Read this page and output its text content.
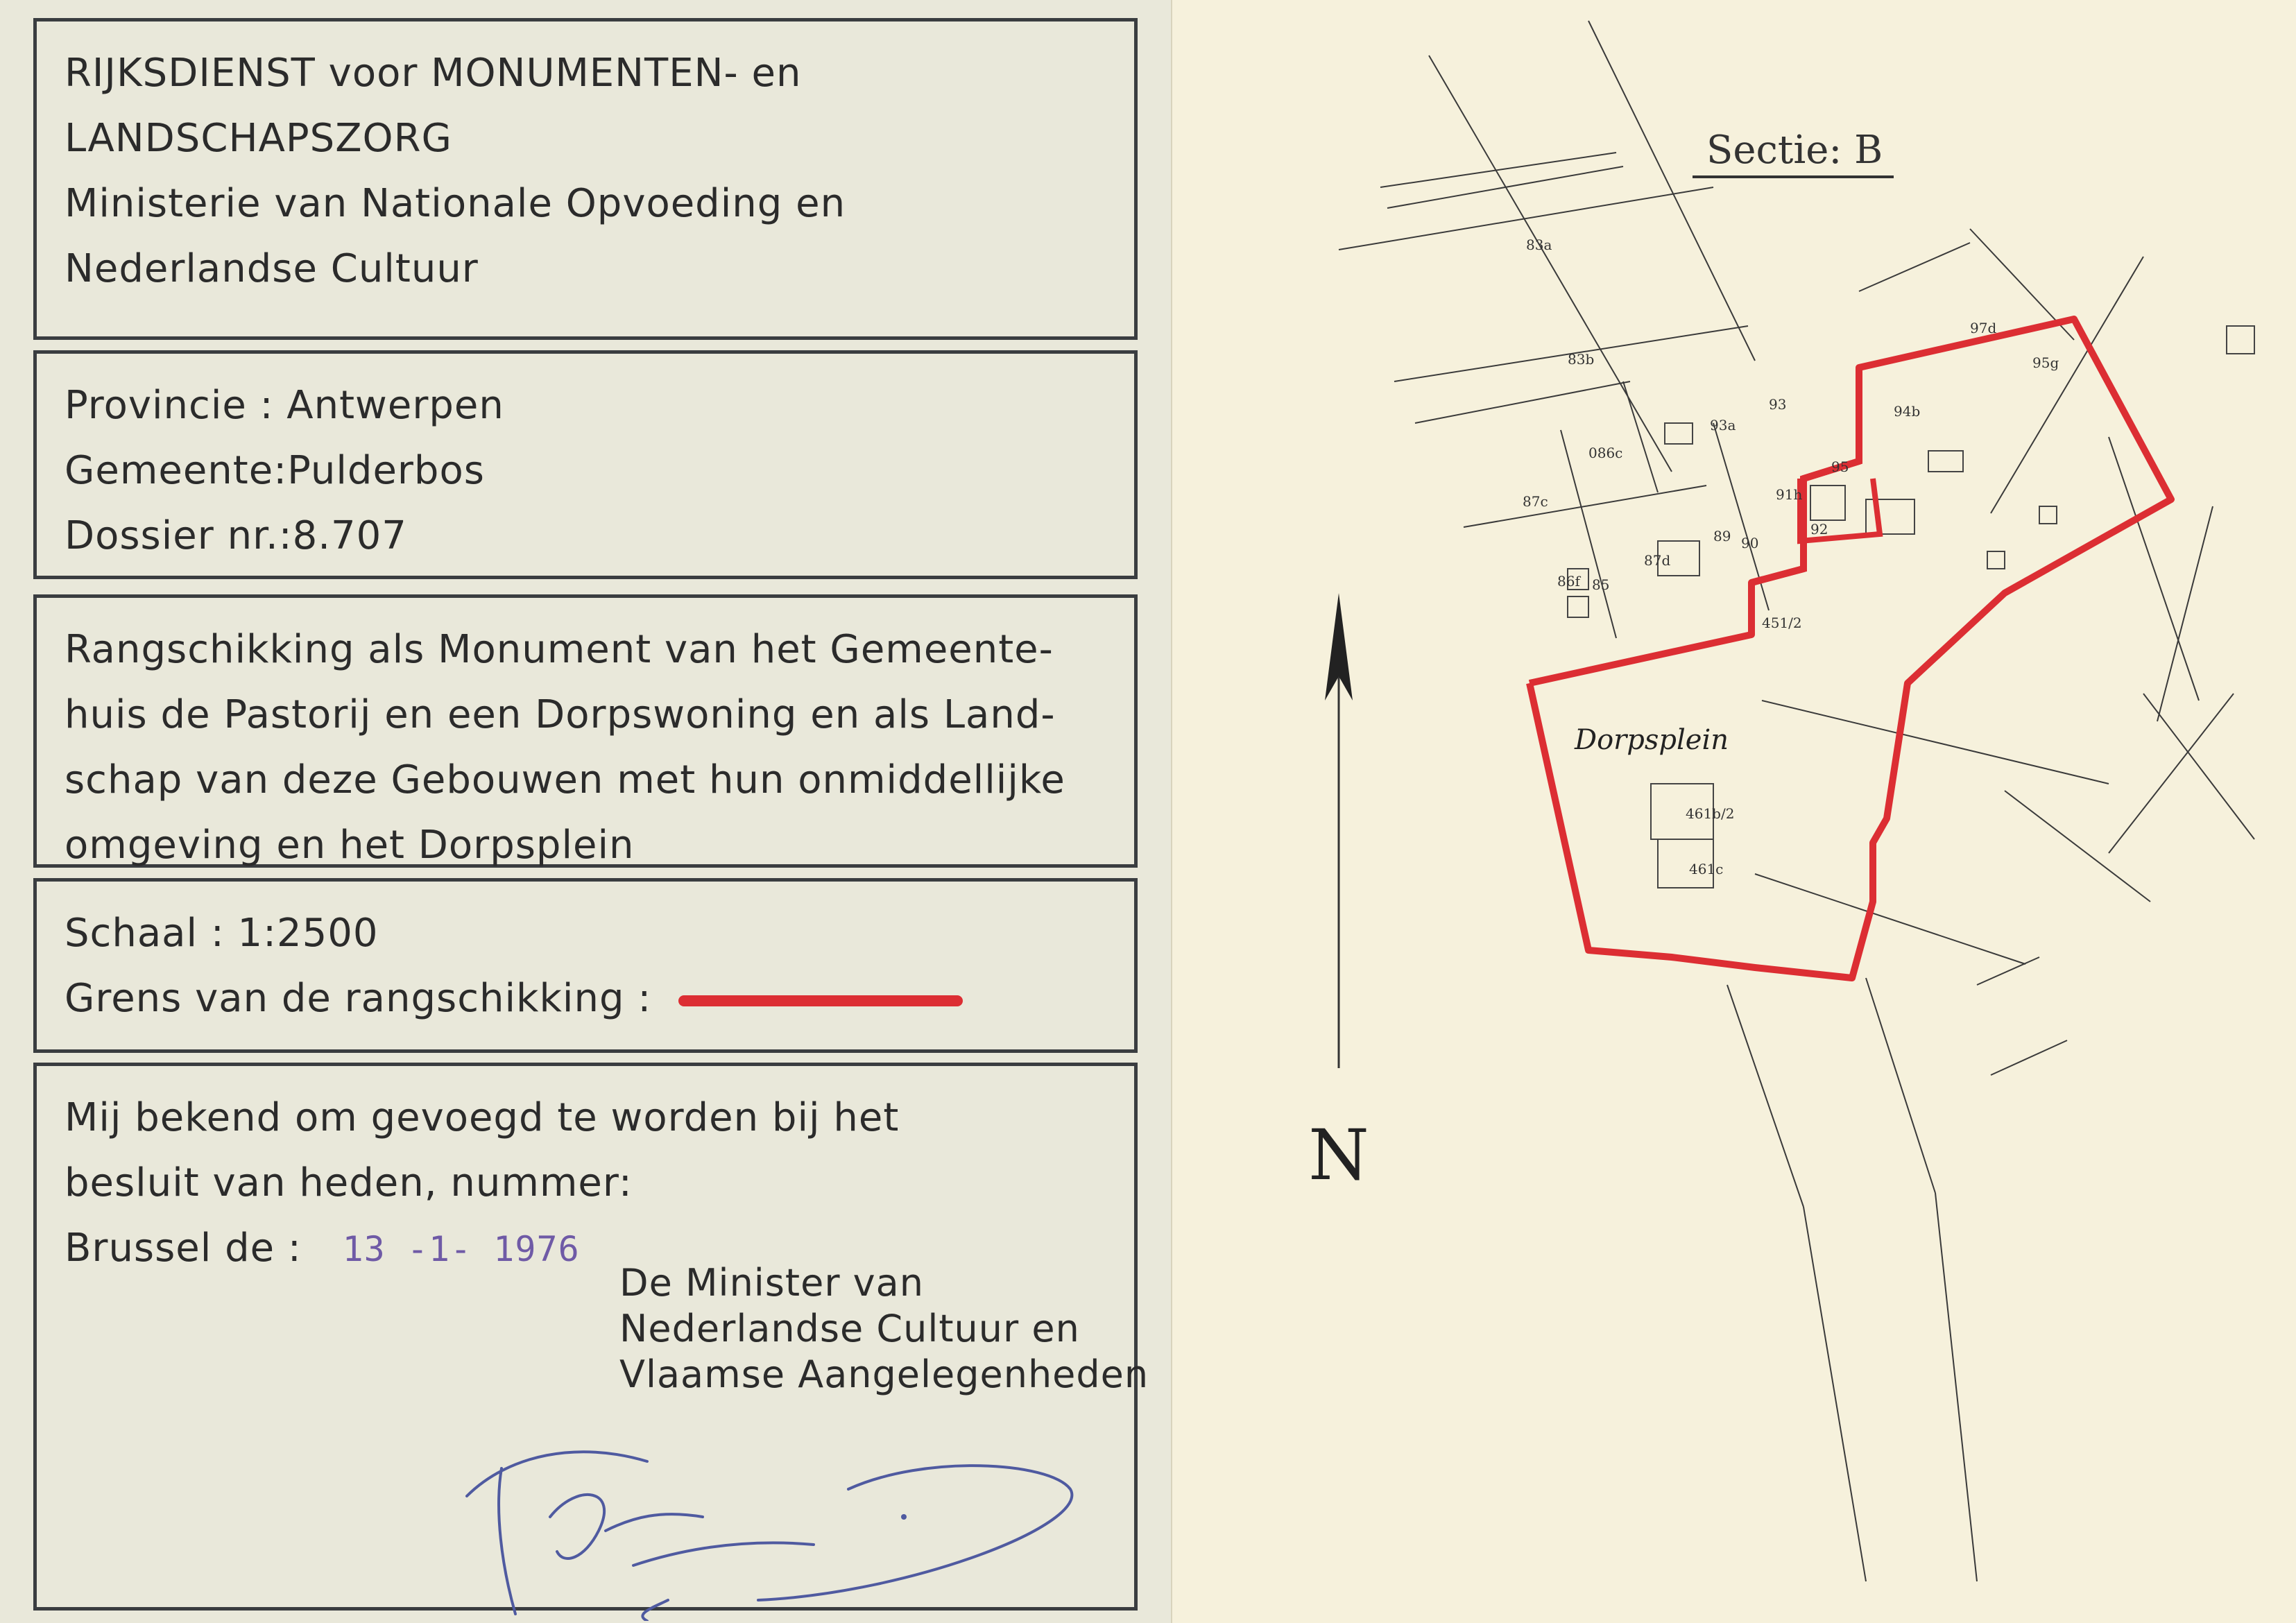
RIJKSDIENST voor MONUMENTEN- en
LANDSCHAPSZORG
Ministerie van Nationale Opvoeding en
Nederlandse Cultuur
Provincie : Antwerpen
Gemeente:Pulderbos
Dossier nr.:8.707
Rangschikking als Monument van het Gemeente-
huis de Pastorij en een Dorpswoning en als Land-
schap van deze Gebouwen met hun onmiddellijke
omgeving en het Dorpsplein
Schaal : 1:2500
Grens van de rangschikking :
Mij bekend om gevoegd te worden bij het
besluit van heden, nummer:
Brussel de : 13 -1- 1976
De Minister van
Nederlandse Cultuur en
Vlaamse Aangelegenheden
N
Sectie: B
Dorpsplein
83a
83b
93a
93	94b
97d
95g
086c
87c
87d
86f 85
91h
95
89 90
92
451/2
461b/2
461c
